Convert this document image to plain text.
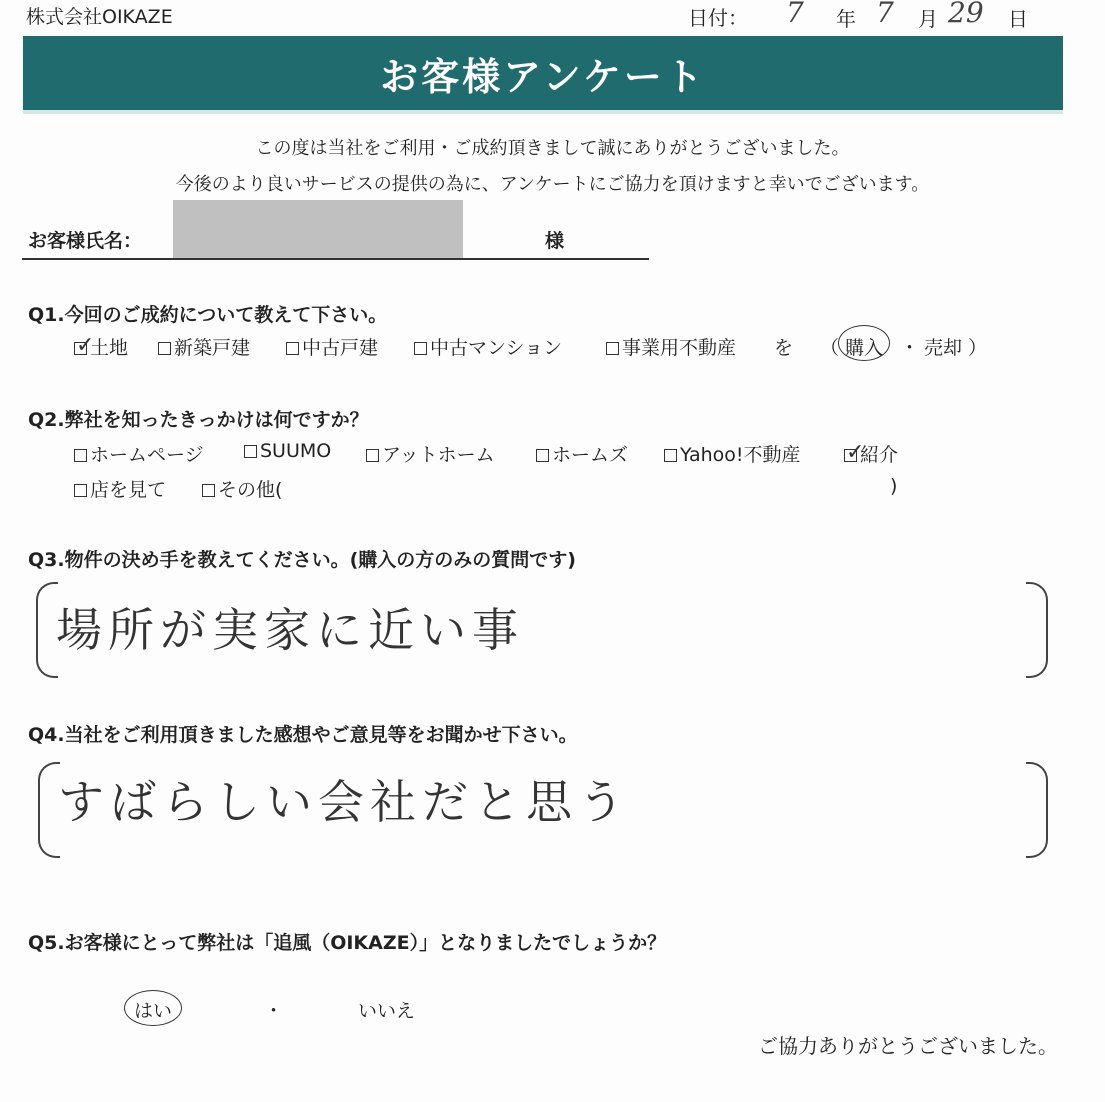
株式会社OIKAZE	日付： 7 年 7 月 29 日
お客様アンケート
この度は当社をご利用・ご成約頂きまして誠にありがとうございました。
今後のより良いサービスの提供の為に、アンケートにご協力を頂けますと幸いでございます。
お客様氏名：	様
Q1.今回のご成約について教えて下さい。
✓
土地	新築戸建	中古戸建	中古マンション	事業用不動産 を （ 購入 ・ 売却 ）
Q2.弊社を知ったきっかけは何ですか？
ホームページ	SUUMO	アットホーム	ホームズ	Yahoo!不動産 ✓
紹介
店を見て	その他(	)
Q3.物件の決め手を教えてください。(購入の方のみの質問です)
場所が実家に近い事
Q4.当社をご利用頂きました感想やご意見等をお聞かせ下さい。
すばらしい会社だと思う
Q5.お客様にとって弊社は「追風（OIKAZE）」となりましたでしょうか？
はい	・	いいえ
ご協力ありがとうございました。
